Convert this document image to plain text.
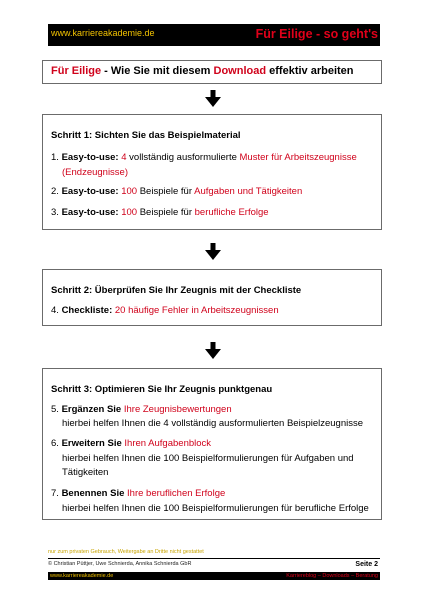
www.karriereakademie.de	Für Eilige - so geht's
Für Eilige - Wie Sie mit diesem Download effektiv arbeiten
Schritt 1: Sichten Sie das Beispielmaterial
1. Easy-to-use: 4 vollständig ausformulierte Muster für Arbeitszeugnisse
(Endzeugnisse)
2. Easy-to-use: 100 Beispiele für Aufgaben und Tätigkeiten
3. Easy-to-use: 100 Beispiele für berufliche Erfolge
Schritt 2: Überprüfen Sie Ihr Zeugnis mit der Checkliste
4. Checkliste: 20 häufige Fehler in Arbeitszeugnissen
Schritt 3: Optimieren Sie Ihr Zeugnis punktgenau
5. Ergänzen Sie Ihre Zeugnisbewertungen
hierbei helfen Ihnen die 4 vollständig ausformulierten Beispielzeugnisse
6. Erweitern Sie Ihren Aufgabenblock
hierbei helfen Ihnen die 100 Beispielformulierungen für Aufgaben und
Tätigkeiten
7. Benennen Sie Ihre beruflichen Erfolge
hierbei helfen Ihnen die 100 Beispielformulierungen für berufliche Erfolge
nur zum privaten Gebrauch, Weitergabe an Dritte nicht gestattet
© Christian Püttjer, Uwe Schnierda, Annika Schnierda GbR	Seite 2
www.karriereakademie.de	Karriereblog – Downloads – Beratung
